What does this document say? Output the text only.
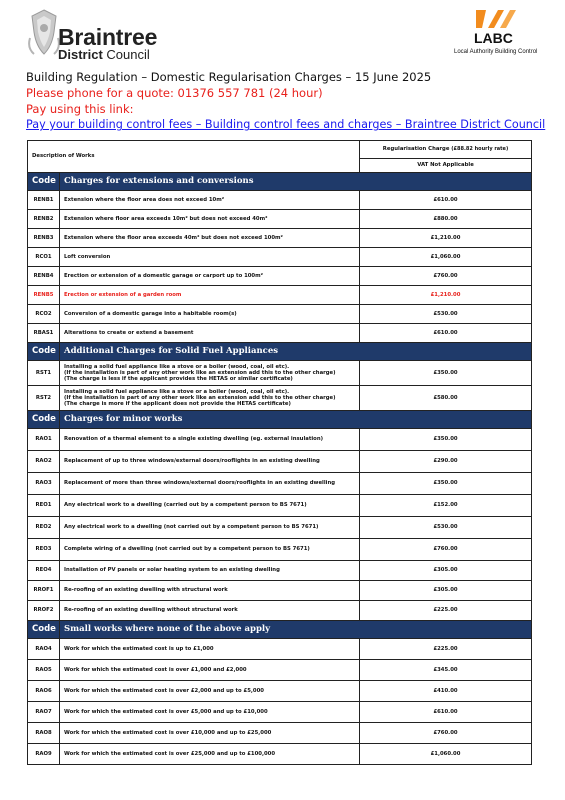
Braintree
District Council
LABC
Local Authority Building Control
Building Regulation – Domestic Regularisation Charges – 15 June 2025
Please phone for a quote: 01376 557 781 (24 hour)
Pay using this link:
Pay your building control fees – Building control fees and charges – Braintree District Council
Description of Works		Regularisation Charge (£88.82 hourly rate)
		VAT Not Applicable
Code	Charges for extensions and conversions	
RENB1	Extension where the floor area does not exceed 10m²	£610.00
RENB2	Extension where floor area exceeds 10m² but does not exceed 40m²	£880.00
RENB3	Extension where the floor area exceeds 40m² but does not exceed 100m²	£1,210.00
RCO1	Loft conversion	£1,060.00
RENB4	Erection or extension of a domestic garage or carport up to 100m²	£760.00
RENB5	Erection or extension of a garden room	£1,210.00
RCO2	Conversion of a domestic garage into a habitable room(s)	£530.00
RBAS1	Alterations to create or extend a basement	£610.00
Code	Additional Charges for Solid Fuel Appliances	
RST1	Installing a solid fuel appliance like a stove or a boiler (wood, coal, oil etc).
(If the installation is part of any other work like an extension add this to the other charge)
(The charge is less if the applicant provides the HETAS or similar certificate)	£350.00
RST2	Installing a solid fuel appliance like a stove or a boiler (wood, coal, oil etc).
(If the installation is part of any other work like an extension add this to the other charge)
(The charge is more if the applicant does not provide the HETAS certificate)	£580.00
Code	Charges for minor works	
RAO1	Renovation of a thermal element to a single existing dwelling (eg. external insulation)	£350.00
RAO2	Replacement of up to three windows/external doors/rooflights in an existing dwelling	£290.00
RAO3	Replacement of more than three windows/external doors/rooflights in an existing dwelling	£350.00
REO1	Any electrical work to a dwelling (carried out by a competent person to BS 7671)	£152.00
REO2	Any electrical work to a dwelling (not carried out by a competent person to BS 7671)	£530.00
REO3	Complete wiring of a dwelling (not carried out by a competent person to BS 7671)	£760.00
REO4	Installation of PV panels or solar heating system to an existing dwelling	£305.00
RROF1	Re-roofing of an existing dwelling with structural work	£305.00
RROF2	Re-roofing of an existing dwelling without structural work	£225.00
Code	Small works where none of the above apply	
RAO4	Work for which the estimated cost is up to £1,000	£225.00
RAO5	Work for which the estimated cost is over £1,000 and £2,000	£345.00
RAO6	Work for which the estimated cost is over £2,000 and up to £5,000	£410.00
RAO7	Work for which the estimated cost is over £5,000 and up to £10,000	£610.00
RAO8	Work for which the estimated cost is over £10,000 and up to £25,000	£760.00
RAO9	Work for which the estimated cost is over £25,000 and up to £100,000	£1,060.00
